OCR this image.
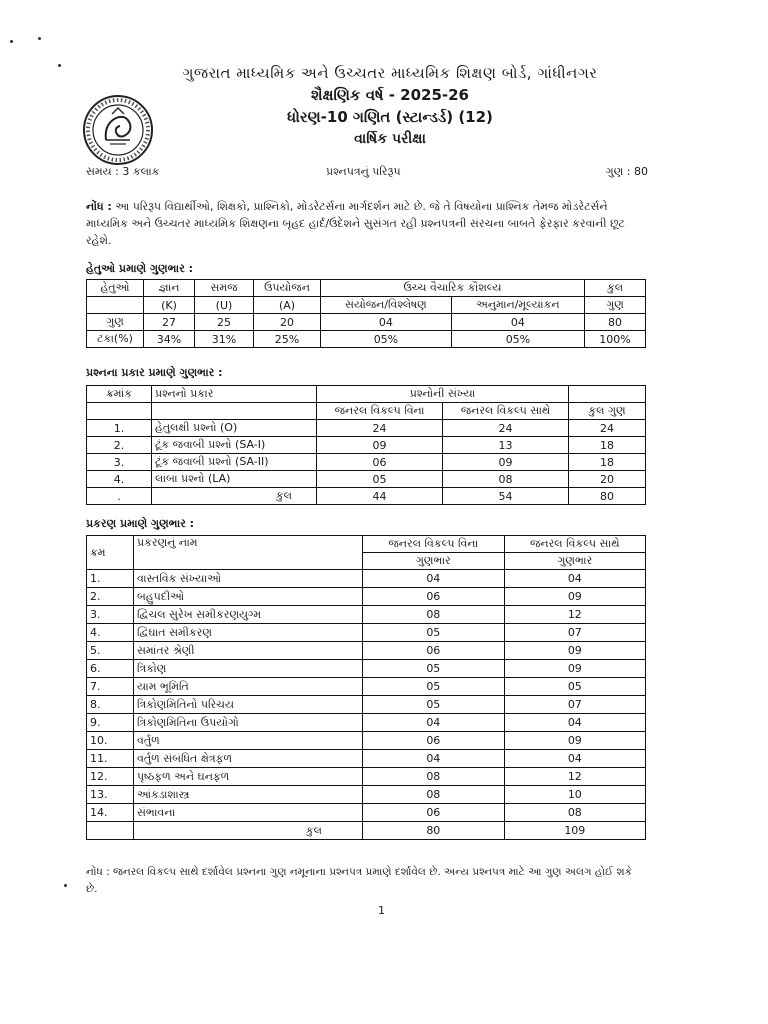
ગુજરાત માધ્યમિક અને ઉચ્ચતર માધ્યમિક શિક્ષણ બોર્ડ, ગાંધીનગર
શૈક્ષણિક વર્ષ - 2025-26
ધોરણ-10 ગણિત (સ્ટાન્ડર્ડ) (12)
વાર્ષિક પરીક્ષા
સમય : 3 કલાક	પ્રશ્નપત્રનું પરિરૂપ	ગુણ : 80
નોંધ : આ પરિરૂપ વિદ્યાર્થીઓ, શિક્ષકો, પ્રાશ્નિકો, મોડરેટર્સના માર્ગદર્શન માટે છે. જે તે વિષયોના પ્રાશ્નિક તેમજ મોડરેટર્સને માધ્યમિક અને ઉચ્ચતર માધ્યમિક શિક્ષણના બૃહદ હાર્દ/ઉદેશને સુસંગત રહી પ્રશ્નપત્રની સંરચના બાબતે ફેરફાર કરવાની છૂટ રહેશે.
હેતુઓ પ્રમાણે ગુણભાર :
હેતુઓ	જ્ઞાન	સમજ	ઉપયોજન	ઉચ્ચ વૈચારિક કૌશલ્ય		કુલ
	(K)	(U)	(A)	સંયોજન/વિશ્લેષણ	અનુમાન/મૂલ્યાંકન	ગુણ
ગુણ	27	25	20	04	04	80
ટકા(%)	34%	31%	25%	05%	05%	100%
પ્રશ્નના પ્રકાર પ્રમાણે ગુણભાર :
ક્રમાંક	પ્રશ્નનો પ્રકાર	પ્રશ્નોની સંખ્યા		
		જનરલ વિકલ્પ વિના	જનરલ વિકલ્પ સાથે	કુલ ગુણ
1.	હેતુલક્ષી પ્રશ્નો (O)	24	24	24
2.	ટૂંક જવાબી પ્રશ્નો (SA-I)	09	13	18
3.	ટૂંક જવાબી પ્રશ્નો (SA-II)	06	09	18
4.	લાંબા પ્રશ્નો (LA)	05	08	20
.	કુલ	44	54	80
પ્રકરણ પ્રમાણે ગુણભાર :
ક્રમ	પ્રકરણનું નામ	જનરલ વિકલ્પ વિના	જનરલ વિકલ્પ સાથે
		ગુણભાર	ગુણભાર
1.	વાસ્તવિક સંખ્યાઓ	04	04
2.	બહુપદીઓ	06	09
3.	દ્વિચલ સુરેખ સમીકરણયુગ્મ	08	12
4.	દ્વિઘાત સમીકરણ	05	07
5.	સમાંતર શ્રેણી	06	09
6.	ત્રિકોણ	05	09
7.	યામ ભૂમિતિ	05	05
8.	ત્રિકોણમિતિનો પરિચય	05	07
9.	ત્રિકોણમિતિના ઉપયોગો	04	04
10.	વર્તુળ	06	09
11.	વર્તુળ સંબંધિત ક્ષેત્રફળ	04	04
12.	પૃષ્ઠફળ અને ઘનફળ	08	12
13.	આંકડાશાસ્ત્ર	08	10
14.	સંભાવના	06	08
	કુલ	80	109
નોંધ : જનરલ વિકલ્પ સાથે દર્શાવેલ પ્રશ્નના ગુણ નમૂનાના પ્રશ્નપત્ર પ્રમાણે દર્શાવેલ છે. અન્ય પ્રશ્નપત્ર માટે આ ગુણ અલગ હોઈ શકે છે.
1
